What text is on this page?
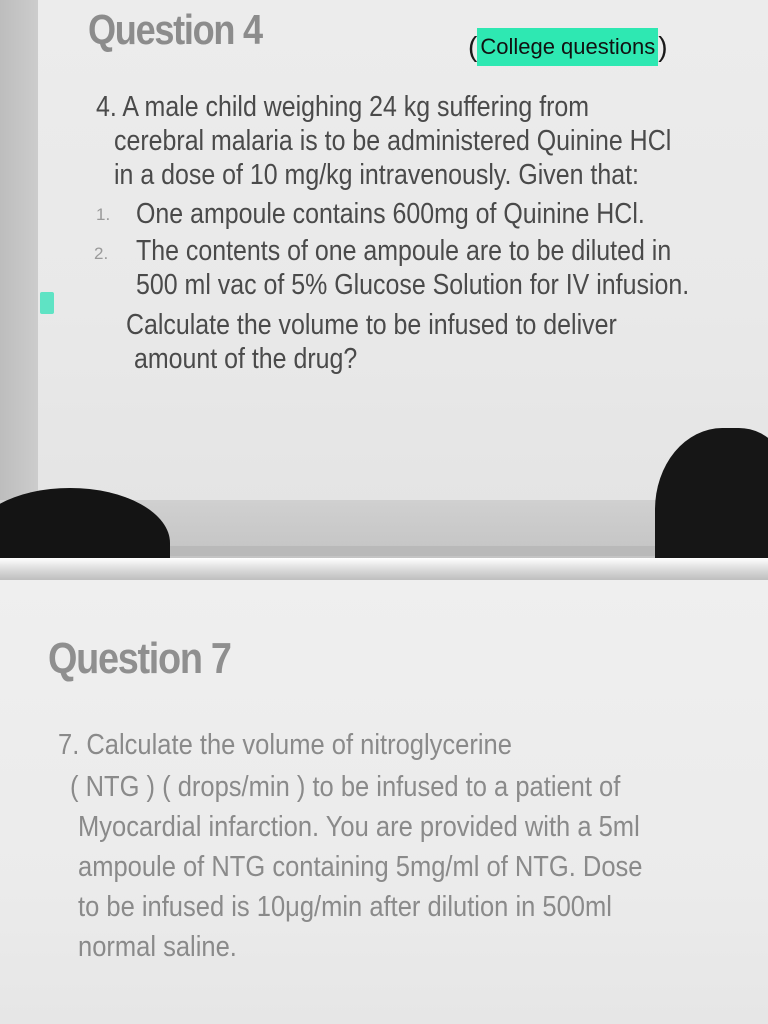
Question 4	( College questions )
4. A male child weighing 24 kg suffering from
cerebral malaria is to be administered Quinine HCl
in a dose of 10 mg/kg intravenously. Given that:
1. One ampoule contains 600mg of Quinine HCl.
2. The contents of one ampoule are to be diluted in
500 ml vac of 5% Glucose Solution for IV infusion.
Calculate the volume to be infused to deliver
amount of the drug?
Question 7
7. Calculate the volume of nitroglycerine
( NTG ) ( drops/min ) to be infused to a patient of
Myocardial infarction. You are provided with a 5ml
ampoule of NTG containing 5mg/ml of NTG. Dose
to be infused is 10μg/min after dilution in 500ml
normal saline.
